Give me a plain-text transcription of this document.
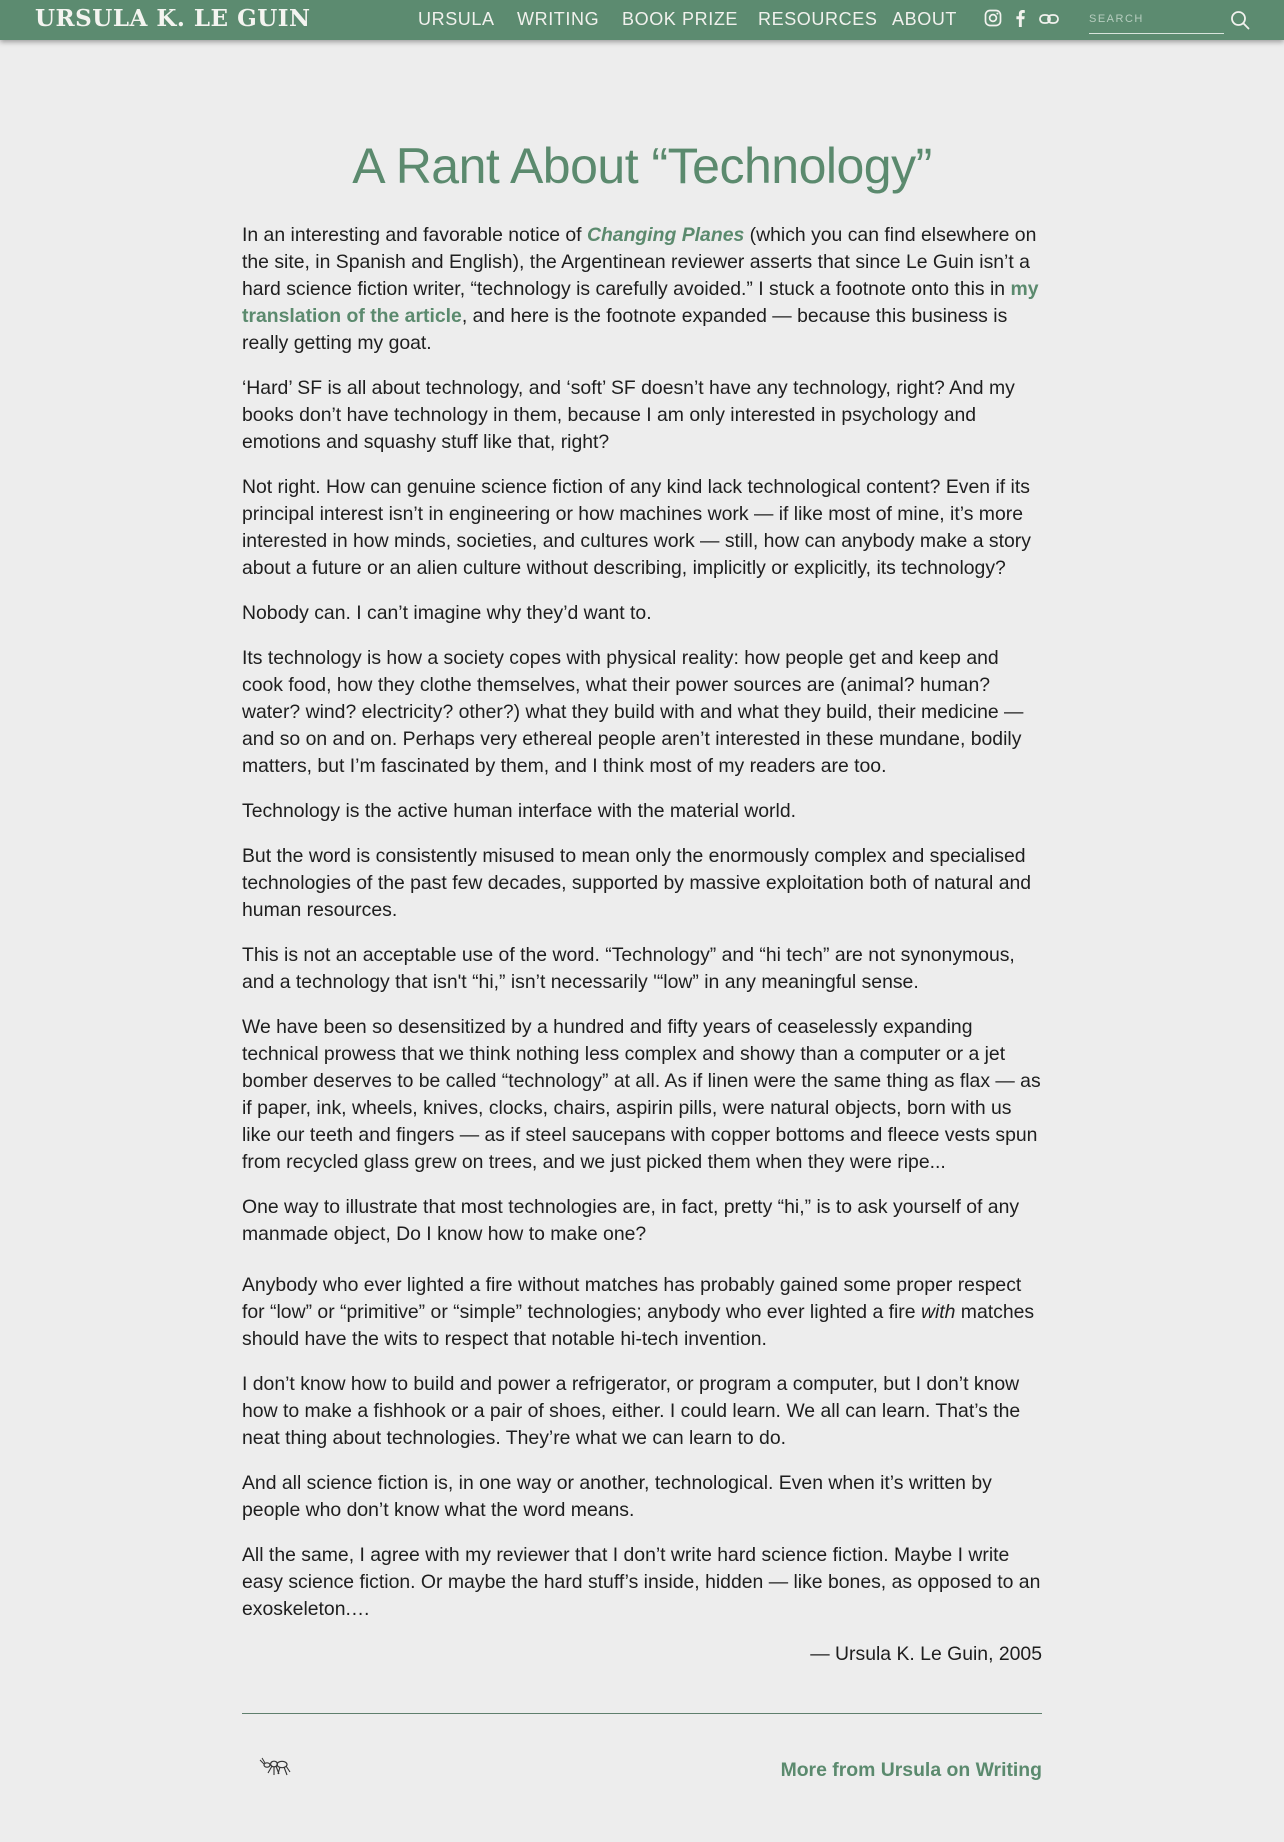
URSULA K. LE GUIN	URSULA WRITING BOOK PRIZE RESOURCES ABOUT
SEARCH
A Rant About “Technology”

In an interesting and favorable notice of Changing Planes (which you can find elsewhere on the site, in Spanish and English), the Argentinean reviewer asserts that since Le Guin isn’t a hard science fiction writer, “technology is carefully avoided.” I stuck a footnote onto this in my translation of the article, and here is the footnote expanded — because this business is really getting my goat.

‘Hard’ SF is all about technology, and ‘soft’ SF doesn’t have any technology, right? And my books don’t have technology in them, because I am only interested in psychology and emotions and squashy stuff like that, right?

Not right. How can genuine science fiction of any kind lack technological content? Even if its principal interest isn’t in engineering or how machines work — if like most of mine, it’s more interested in how minds, societies, and cultures work — still, how can anybody make a story about a future or an alien culture without describing, implicitly or explicitly, its technology?

Nobody can. I can’t imagine why they’d want to.

Its technology is how a society copes with physical reality: how people get and keep and cook food, how they clothe themselves, what their power sources are (animal? human? water? wind? electricity? other?) what they build with and what they build, their medicine — and so on and on. Perhaps very ethereal people aren’t interested in these mundane, bodily matters, but I’m fascinated by them, and I think most of my readers are too.

Technology is the active human interface with the material world.

But the word is consistently misused to mean only the enormously complex and specialised technologies of the past few decades, supported by massive exploitation both of natural and human resources.

This is not an acceptable use of the word. “Technology” and “hi tech” are not synonymous, and a technology that isn't “hi,” isn’t necessarily '“low” in any meaningful sense.

We have been so desensitized by a hundred and fifty years of ceaselessly expanding technical prowess that we think nothing less complex and showy than a computer or a jet bomber deserves to be called “technology” at all. As if linen were the same thing as flax — as if paper, ink, wheels, knives, clocks, chairs, aspirin pills, were natural objects, born with us like our teeth and fingers — as if steel saucepans with copper bottoms and fleece vests spun from recycled glass grew on trees, and we just picked them when they were ripe...

One way to illustrate that most technologies are, in fact, pretty “hi,” is to ask yourself of any manmade object, Do I know how to make one?

Anybody who ever lighted a fire without matches has probably gained some proper respect for “low” or “primitive” or “simple” technologies; anybody who ever lighted a fire with matches should have the wits to respect that notable hi-tech invention.

I don’t know how to build and power a refrigerator, or program a computer, but I don’t know how to make a fishhook or a pair of shoes, either. I could learn. We all can learn. That’s the neat thing about technologies. They’re what we can learn to do.

And all science fiction is, in one way or another, technological. Even when it’s written by people who don’t know what the word means.

All the same, I agree with my reviewer that I don’t write hard science fiction. Maybe I write easy science fiction. Or maybe the hard stuff’s inside, hidden — like bones, as opposed to an exoskeleton.…

— Ursula K. Le Guin, 2005

More from Ursula on Writing
